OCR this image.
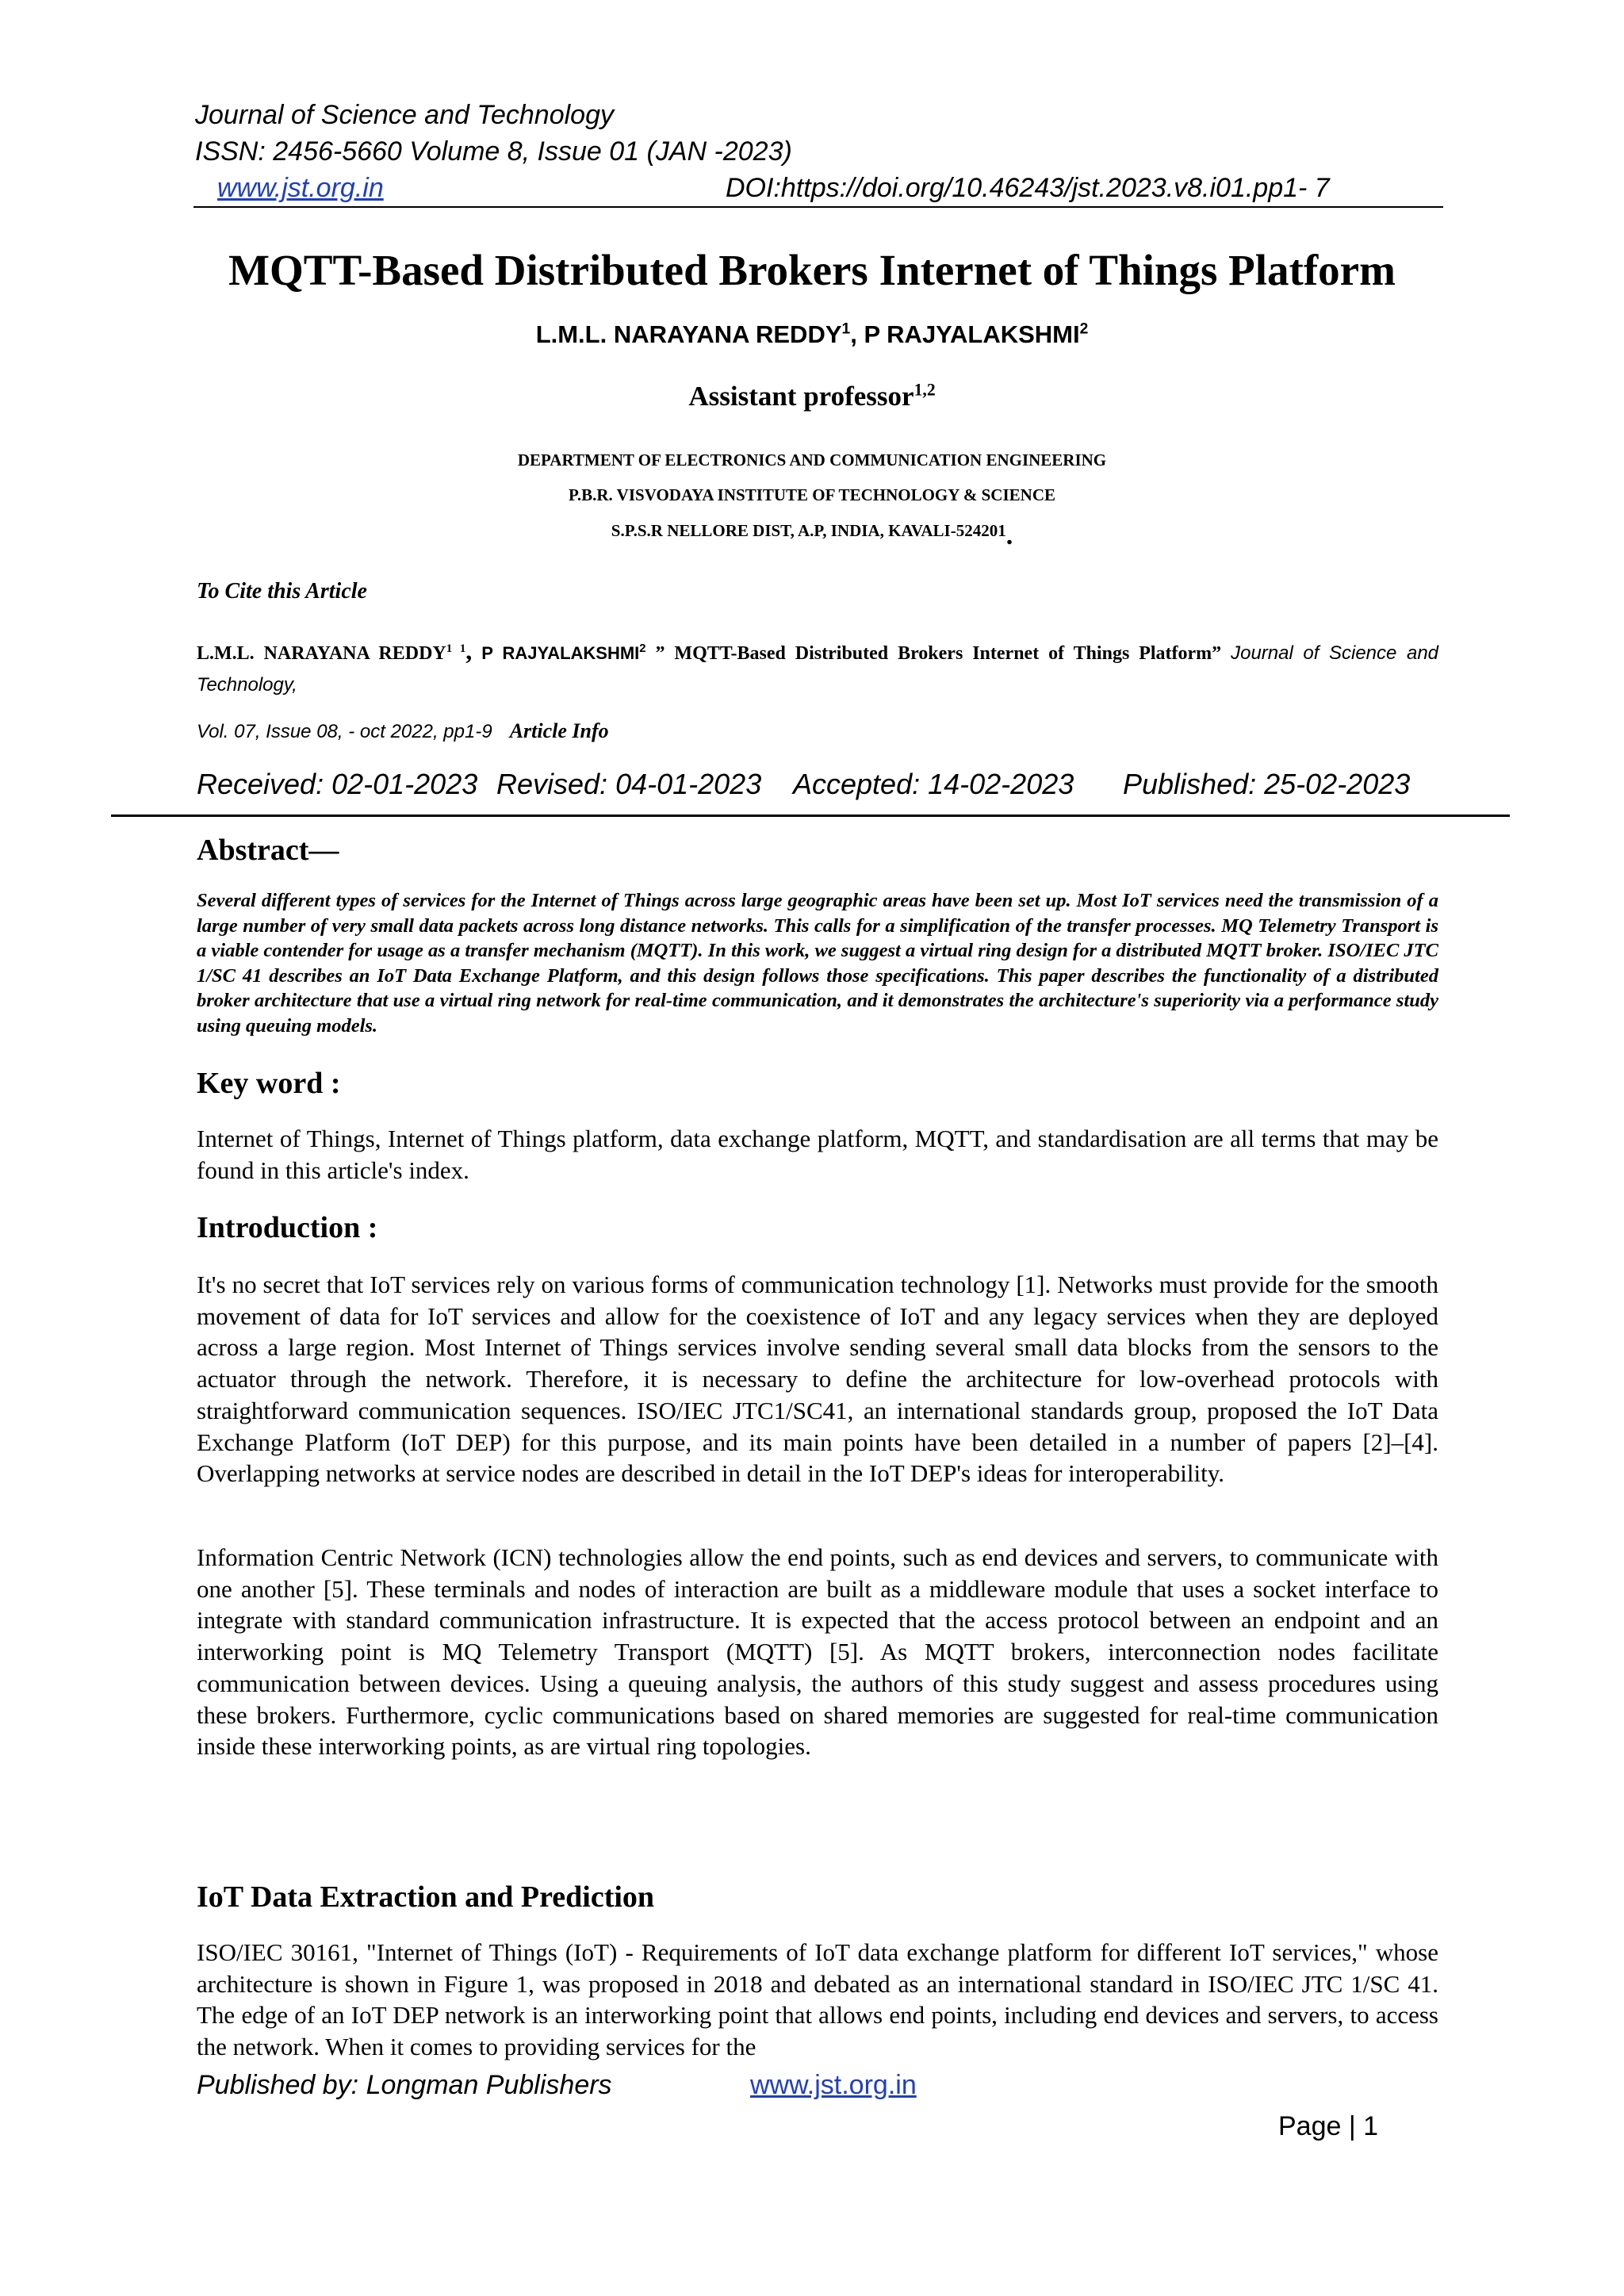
Journal of Science and Technology
ISSN: 2456-5660 Volume 8, Issue 01 (JAN -2023)
www.jst.org.in	DOI:https://doi.org/10.46243/jst.2023.v8.i01.pp1- 7
MQTT-Based Distributed Brokers Internet of Things Platform
L.M.L. NARAYANA REDDY$^1$, P RAJYALAKSHMI$^2$
Assistant professor$^{1,2}$
DEPARTMENT OF ELECTRONICS AND COMMUNICATION ENGINEERING
P.B.R. VISVODAYA INSTITUTE OF TECHNOLOGY & SCIENCE
S.P.S.R NELLORE DIST, A.P, INDIA, KAVALI-524201.
To Cite this Article
L.M.L. NARAYANA $REDDY^{1 1}$, P RAJYALAKSHMI$^2$ ” MQTT-Based Distributed Brokers Internet of Things Platform” Journal of Science and Technology,
Vol. 07, Issue 08, - oct 2022, pp1-9 Article Info
Received: 02-01-2023 Revised: 04-01-2023 Accepted: 14-02-2023 Published: 25-02-2023
Abstract—
Several different types of services for the Internet of Things across large geographic areas have been set up. Most IoT services need the transmission of a large number of very small data packets across long distance networks. This calls for a simplification of the transfer processes. MQ Telemetry Transport is a viable contender for usage as a transfer mechanism (MQTT). In this work, we suggest a virtual ring design for a distributed MQTT broker. ISO/IEC JTC 1/SC 41 describes an IoT Data Exchange Platform, and this design follows those specifications. This paper describes the functionality of a distributed broker architecture that use a virtual ring network for real-time communication, and it demonstrates the architecture's superiority via a performance study using queuing models.
Key word :
Internet of Things, Internet of Things platform, data exchange platform, MQTT, and standardisation are all terms that may be found in this article's index.
Introduction :
It's no secret that IoT services rely on various forms of communication technology [1]. Networks must provide for the smooth movement of data for IoT services and allow for the coexistence of IoT and any legacy services when they are deployed across a large region. Most Internet of Things services involve sending several small data blocks from the sensors to the actuator through the network. Therefore, it is necessary to define the architecture for low-overhead protocols with straightforward communication sequences. ISO/IEC JTC1/SC41, an international standards group, proposed the IoT Data Exchange Platform (IoT DEP) for this purpose, and its main points have been detailed in a number of papers [2]–[4]. Overlapping networks at service nodes are described in detail in the IoT DEP's ideas for interoperability.
Information Centric Network (ICN) technologies allow the end points, such as end devices and servers, to communicate with one another [5]. These terminals and nodes of interaction are built as a middleware module that uses a socket interface to integrate with standard communication infrastructure. It is expected that the access protocol between an endpoint and an interworking point is MQ Telemetry Transport (MQTT) [5]. As MQTT brokers, interconnection nodes facilitate communication between devices. Using a queuing analysis, the authors of this study suggest and assess procedures using these brokers. Furthermore, cyclic communications based on shared memories are suggested for real-time communication inside these interworking points, as are virtual ring topologies.
IoT Data Extraction and Prediction
ISO/IEC 30161, "Internet of Things (IoT) - Requirements of IoT data exchange platform for different IoT services," whose architecture is shown in Figure 1, was proposed in 2018 and debated as an international standard in ISO/IEC JTC 1/SC 41. The edge of an IoT DEP network is an interworking point that allows end points, including end devices and servers, to access the network. When it comes to providing services for the
Published by: Longman Publishers	www.jst.org.in
Page | 1
